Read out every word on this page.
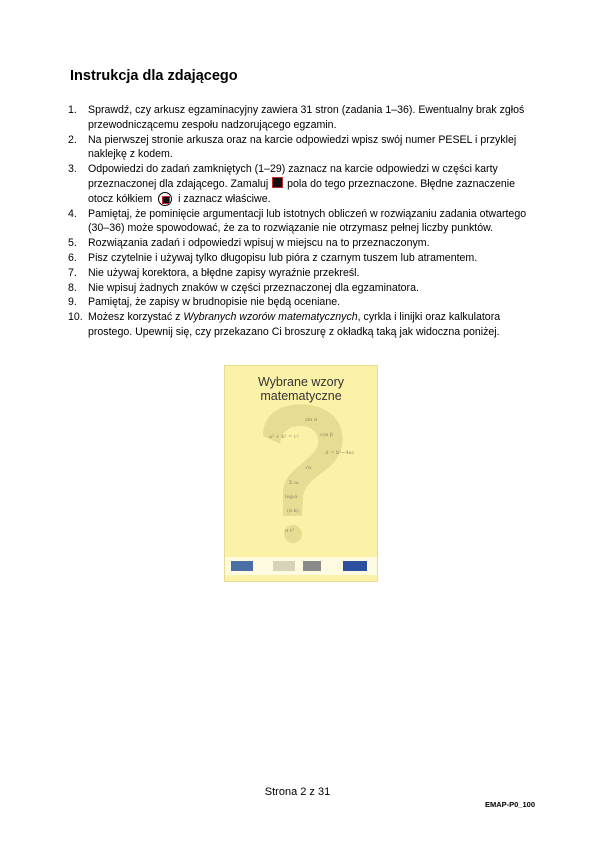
Instrukcja dla zdającego
1. Sprawdź, czy arkusz egzaminacyjny zawiera 31 stron (zadania 1–36). Ewentualny brak zgłoś przewodniczącemu zespołu nadzorującego egzamin.
2. Na pierwszej stronie arkusza oraz na karcie odpowiedzi wpisz swój numer PESEL i przyklej naklejkę z kodem.
3. Odpowiedzi do zadań zamkniętych (1–29) zaznacz na karcie odpowiedzi w części karty przeznaczonej dla zdającego. Zamaluj pola do tego przeznaczone. Błędne zaznaczenie otocz kółkiem i zaznacz właściwe.
4. Pamiętaj, że pominięcie argumentacji lub istotnych obliczeń w rozwiązaniu zadania otwartego (30–36) może spowodować, że za to rozwiązanie nie otrzymasz pełnej liczby punktów.
5. Rozwiązania zadań i odpowiedzi wpisuj w miejscu na to przeznaczonym.
6. Pisz czytelnie i używaj tylko długopisu lub pióra z czarnym tuszem lub atramentem.
7. Nie używaj korektora, a błędne zapisy wyraźnie przekreśl.
8. Nie wpisuj żadnych znaków w części przeznaczonej dla egzaminatora.
9. Pamiętaj, że zapisy w brudnopisie nie będą oceniane.
10. Możesz korzystać z Wybranych wzorów matematycznych, cyrkla i linijki oraz kalkulatora prostego. Upewnij się, czy przekazano Ci broszurę z okładką taką jak widoczna poniżej.
a² + b² = c²
sin α
cos β
Δ = b²−4ac
√n
Σ aₙ
log₂x
(n k)
π r²
Wybrane wzory
matematyczne
Strona 2 z 31
EMAP-P0_100
